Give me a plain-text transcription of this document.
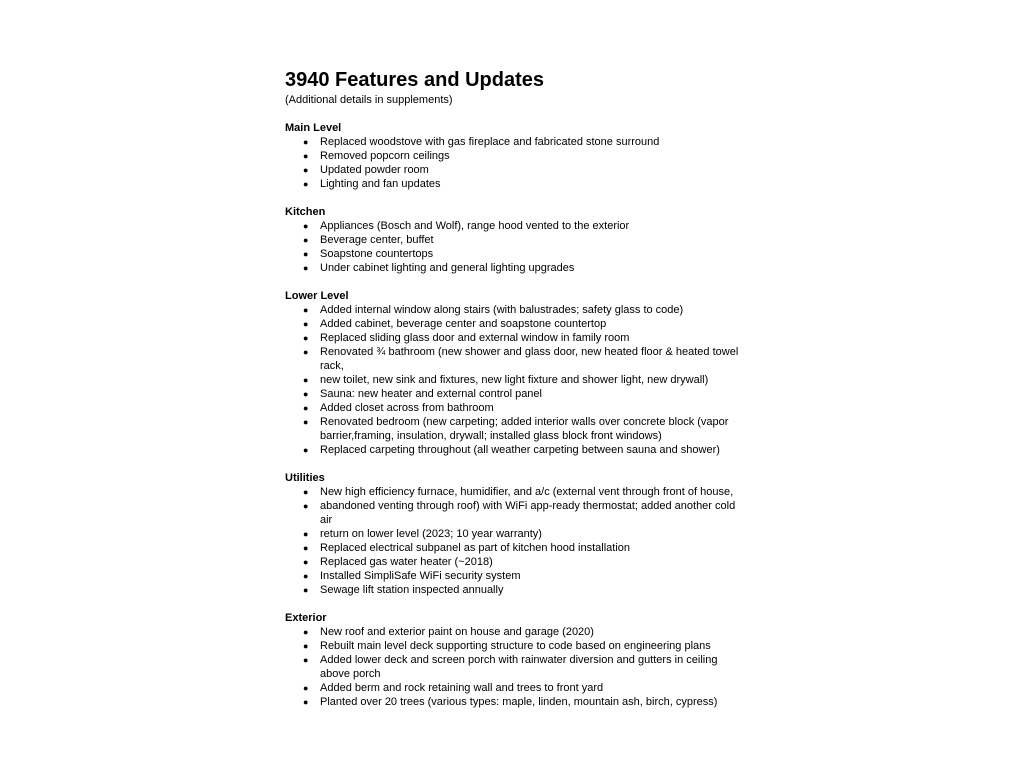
3940 Features and Updates

(Additional details in supplements)

Main Level

● Replaced woodstove with gas fireplace and fabricated stone surround
● Removed popcorn ceilings
● Updated powder room
● Lighting and fan updates

Kitchen

● Appliances (Bosch and Wolf), range hood vented to the exterior
● Beverage center, buffet
● Soapstone countertops
● Under cabinet lighting and general lighting upgrades

Lower Level

● Added internal window along stairs (with balustrades; safety glass to code)
● Added cabinet, beverage center and soapstone countertop
● Replaced sliding glass door and external window in family room
● Renovated ¾ bathroom (new shower and glass door, new heated floor & heated towel rack,
● new toilet, new sink and fixtures, new light fixture and shower light, new drywall)
● Sauna: new heater and external control panel
● Added closet across from bathroom
● Renovated bedroom (new carpeting; added interior walls over concrete block (vapor barrier,framing, insulation, drywall; installed glass block front windows)
● Replaced carpeting throughout (all weather carpeting between sauna and shower)

Utilities

● New high efficiency furnace, humidifier, and a/c (external vent through front of house,
● abandoned venting through roof) with WiFi app-ready thermostat; added another cold air
● return on lower level (2023; 10 year warranty)
● Replaced electrical subpanel as part of kitchen hood installation
● Replaced gas water heater (~2018)
● Installed SimpliSafe WiFi security system
● Sewage lift station inspected annually

Exterior

● New roof and exterior paint on house and garage (2020)
● Rebuilt main level deck supporting structure to code based on engineering plans
● Added lower deck and screen porch with rainwater diversion and gutters in ceiling above porch
● Added berm and rock retaining wall and trees to front yard
● Planted over 20 trees (various types: maple, linden, mountain ash, birch, cypress)
